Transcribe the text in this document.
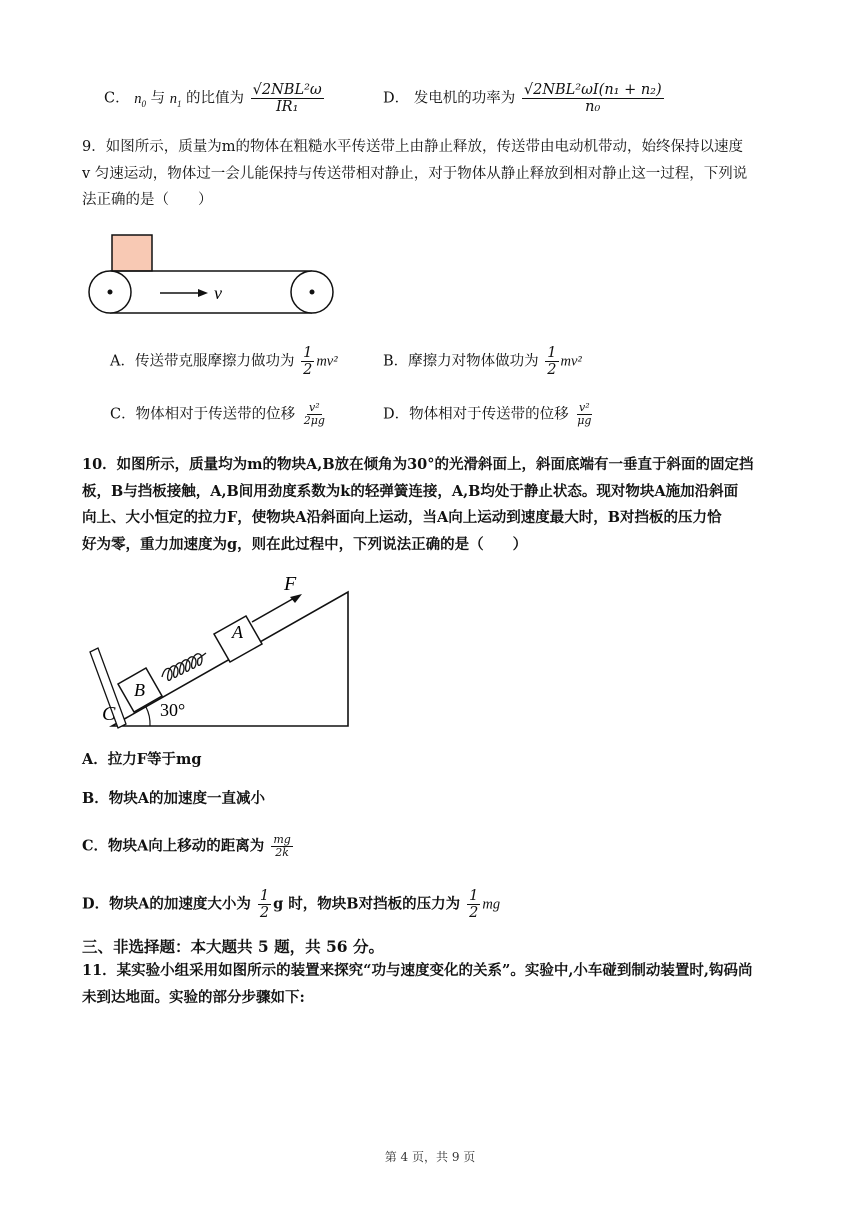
C． $n_0$ 与 $n_1$ 的比值为 $\frac{\text{√2NBL²ω}}{\text{IR₁}}$	D． 发电机的功率为 $\frac{\text{√2NBL²ωI(n₁ + n₂)}}{\text{n₀}}$
9．如图所示，质量为m的物体在粗糙水平传送带上由静止释放，传送带由电动机带动，始终保持以速度
v 匀速运动，物体过一会儿能保持与传送带相对静止，对于物体从静止释放到相对静止这一过程，下列说
法正确的是（　　）
v
A．传送带克服摩擦力做功为 $\frac{1}{2} mv^2$	B．摩擦力对物体做功为 $\frac{1}{2} mv^2$
C．物体相对于传送带的位移 $\frac{\text{v²}}{2\mu g}$	D．物体相对于传送带的位移 $\frac{\text{v²}}{\mu g}$
10．如图所示，质量均为m的物块A,B放在倾角为30°的光滑斜面上，斜面底端有一垂直于斜面的固定挡
板，B与挡板接触，A,B间用劲度系数为k的轻弹簧连接，A,B均处于静止状态。现对物块A施加沿斜面
向上、大小恒定的拉力F，使物块A沿斜面向上运动，当A向上运动到速度最大时，B对挡板的压力恰
好为零，重力加速度为g，则在此过程中，下列说法正确的是（　　）
F
A
B
C 30°
A．拉力F等于mg
B．物块A的加速度一直减小
C．物块A向上移动的距离为 $\frac{mg}{2k}$
D．物块A的加速度大小为 $\frac{1}{2}$ g 时，物块B对挡板的压力为 $\frac{1}{2}$ mg
三、非选择题：本大题共 5 题，共 56 分。
11．某实验小组采用如图所示的装置来探究“功与速度变化的关系”。实验中,小车碰到制动装置时,钩码尚
未到达地面。实验的部分步骤如下:
第 4 页，共 9 页
